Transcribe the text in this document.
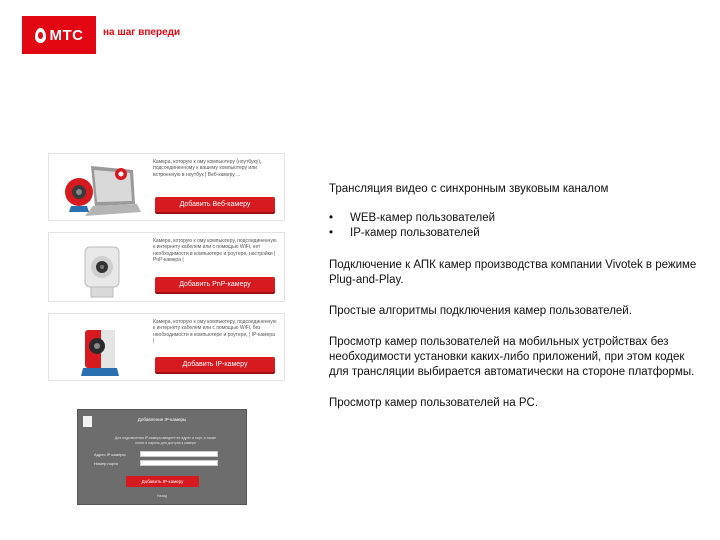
МТС на шаг впереди
Камера, которую к ому компьютеру (ноутбуку), подсоединенному к вашему компьютеру или встроенную в ноутбук | Веб-камеру ...
Добавить Веб-камеру
Камера, которую к ому компьютеру, подсоединенную к интернету кабелем или с помощью WiFi, нет необходимости в компьютере и роутере, настройки | PnP-камера |
Добавить PnP-камеру
Камера, которую к ому компьютеру, подсоединенную к интернету кабелем или с помощью WiFi, без необходимости в компьютере и роутере, | IP-камера |
Добавить IP-камеру
Добавление IP-камеры
Для подключения IP-камеры введите ее адрес и порт, а также логин и пароль для доступа к камере
Адрес IP камеры
Номер порта
Добавить IP-камеру
Назад

Трансляция видео с синхронным звуковым каналом

• WEB-камер пользователей
• IP-камер пользователей

Подключение к АПК камер производства компании Vivotek в режиме Plug-and-Play.

Простые алгоритмы подключения камер пользователей.

Просмотр камер пользователей на мобильных устройствах без необходимости установки каких-либо приложений, при этом кодек для трансляции выбирается автоматически на стороне платформы.

Просмотр камер пользователей на PC.
